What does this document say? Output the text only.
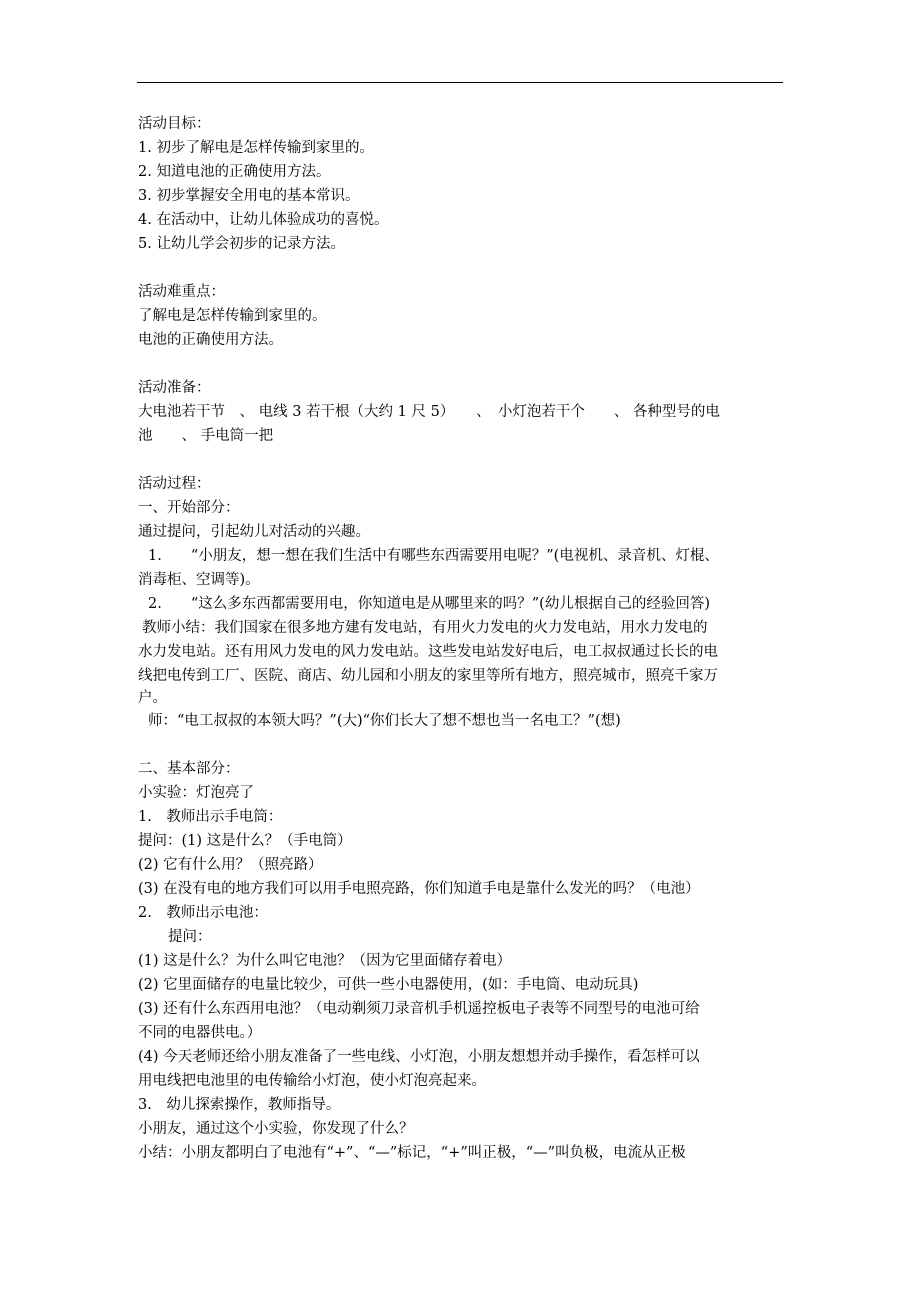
活动目标：
1. 初步了解电是怎样传输到家里的。
2. 知道电池的正确使用方法。
3. 初步掌握安全用电的基本常识。
4. 在活动中，让幼儿体验成功的喜悦。
5. 让幼儿学会初步的记录方法。
活动难重点：
了解电是怎样传输到家里的。
电池的正确使用方法。
活动准备：
大电池若干节　、 电线 3 若干根（大约 1 尺 5）　　、　小灯泡若干个　　、 各种型号的电
池　　、 手电筒一把
活动过程：
一、开始部分：
通过提问，引起幼儿对活动的兴趣。
1.　　“小朋友，想一想在我们生活中有哪些东西需要用电呢？”(电视机、录音机、灯棍、
消毒柜、空调等)。
2.　　“这么多东西都需要用电，你知道电是从哪里来的吗？”(幼儿根据自己的经验回答)
教师小结：我们国家在很多地方建有发电站，有用火力发电的火力发电站，用水力发电的
水力发电站。还有用风力发电的风力发电站。这些发电站发好电后，电工叔叔通过长长的电
线把电传到工厂、医院、商店、幼儿园和小朋友的家里等所有地方，照亮城市，照亮千家万
户。
师：“电工叔叔的本领大吗？”(大)“你们长大了想不想也当一名电工？”(想)
二、基本部分：
小实验：灯泡亮了
1.　教师出示手电筒：
提问：(1) 这是什么？（手电筒）
(2) 它有什么用？（照亮路）
(3) 在没有电的地方我们可以用手电照亮路，你们知道手电是靠什么发光的吗？（电池）
2.　教师出示电池：
提问：
(1) 这是什么？为什么叫它电池？（因为它里面储存着电）
(2) 它里面储存的电量比较少，可供一些小电器使用，(如：手电筒、电动玩具)
(3) 还有什么东西用电池？（电动剃须刀录音机手机遥控板电子表等不同型号的电池可给
不同的电器供电。）
(4) 今天老师还给小朋友准备了一些电线、小灯泡，小朋友想想并动手操作，看怎样可以
用电线把电池里的电传输给小灯泡，使小灯泡亮起来。
3.　幼儿探索操作，教师指导。
小朋友，通过这个小实验，你发现了什么？
小结：小朋友都明白了电池有“+”、“—”标记，“+”叫正极，“—”叫负极，电流从正极
